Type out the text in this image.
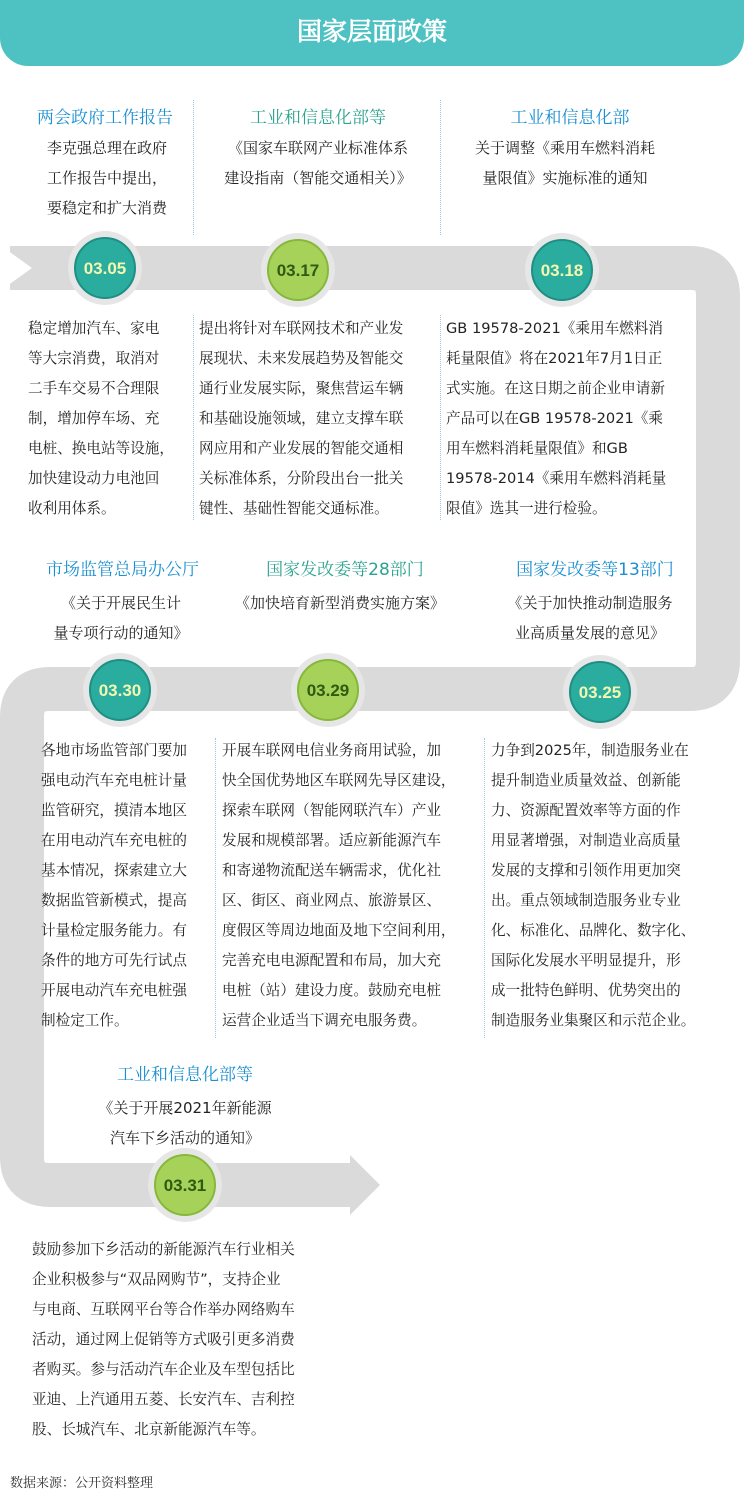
国家层面政策
03.05	03.17	03.18
03.30	03.29	03.25
03.31
两会政府工作报告
李克强总理在政府
工作报告中提出，
要稳定和扩大消费
稳定增加汽车、家电
等大宗消费，取消对
二手车交易不合理限
制，增加停车场、充
电桩、换电站等设施，
加快建设动力电池回
收利用体系。
工业和信息化部等
《国家车联网产业标准体系
建设指南（智能交通相关）》
提出将针对车联网技术和产业发
展现状、未来发展趋势及智能交
通行业发展实际，聚焦营运车辆
和基础设施领域，建立支撑车联
网应用和产业发展的智能交通相
关标准体系，分阶段出台一批关
键性、基础性智能交通标准。
工业和信息化部
关于调整《乘用车燃料消耗
量限值》实施标准的通知
GB 19578-2021《乘用车燃料消
耗量限值》将在2021年7月1日正
式实施。在这日期之前企业申请新
产品可以在GB 19578-2021《乘
用车燃料消耗量限值》和GB
19578-2014《乘用车燃料消耗量
限值》选其一进行检验。
市场监管总局办公厅
《关于开展民生计
量专项行动的通知》
各地市场监管部门要加
强电动汽车充电桩计量
监管研究，摸清本地区
在用电动汽车充电桩的
基本情况，探索建立大
数据监管新模式，提高
计量检定服务能力。有
条件的地方可先行试点
开展电动汽车充电桩强
制检定工作。
国家发改委等28部门
《加快培育新型消费实施方案》
开展车联网电信业务商用试验，加
快全国优势地区车联网先导区建设，
探索车联网（智能网联汽车）产业
发展和规模部署。适应新能源汽车
和寄递物流配送车辆需求，优化社
区、街区、商业网点、旅游景区、
度假区等周边地面及地下空间利用，
完善充电电源配置和布局，加大充
电桩（站）建设力度。鼓励充电桩
运营企业适当下调充电服务费。
国家发改委等13部门
《关于加快推动制造服务
业高质量发展的意见》
力争到2025年，制造服务业在
提升制造业质量效益、创新能
力、资源配置效率等方面的作
用显著增强，对制造业高质量
发展的支撑和引领作用更加突
出。重点领域制造服务业专业
化、标准化、品牌化、数字化、
国际化发展水平明显提升，形
成一批特色鲜明、优势突出的
制造服务业集聚区和示范企业。
工业和信息化部等
《关于开展2021年新能源
汽车下乡活动的通知》
鼓励参加下乡活动的新能源汽车行业相关
企业积极参与“双品网购节”，支持企业
与电商、互联网平台等合作举办网络购车
活动，通过网上促销等方式吸引更多消费
者购买。参与活动汽车企业及车型包括比
亚迪、上汽通用五菱、长安汽车、吉利控
股、长城汽车、北京新能源汽车等。
数据来源：公开资料整理
